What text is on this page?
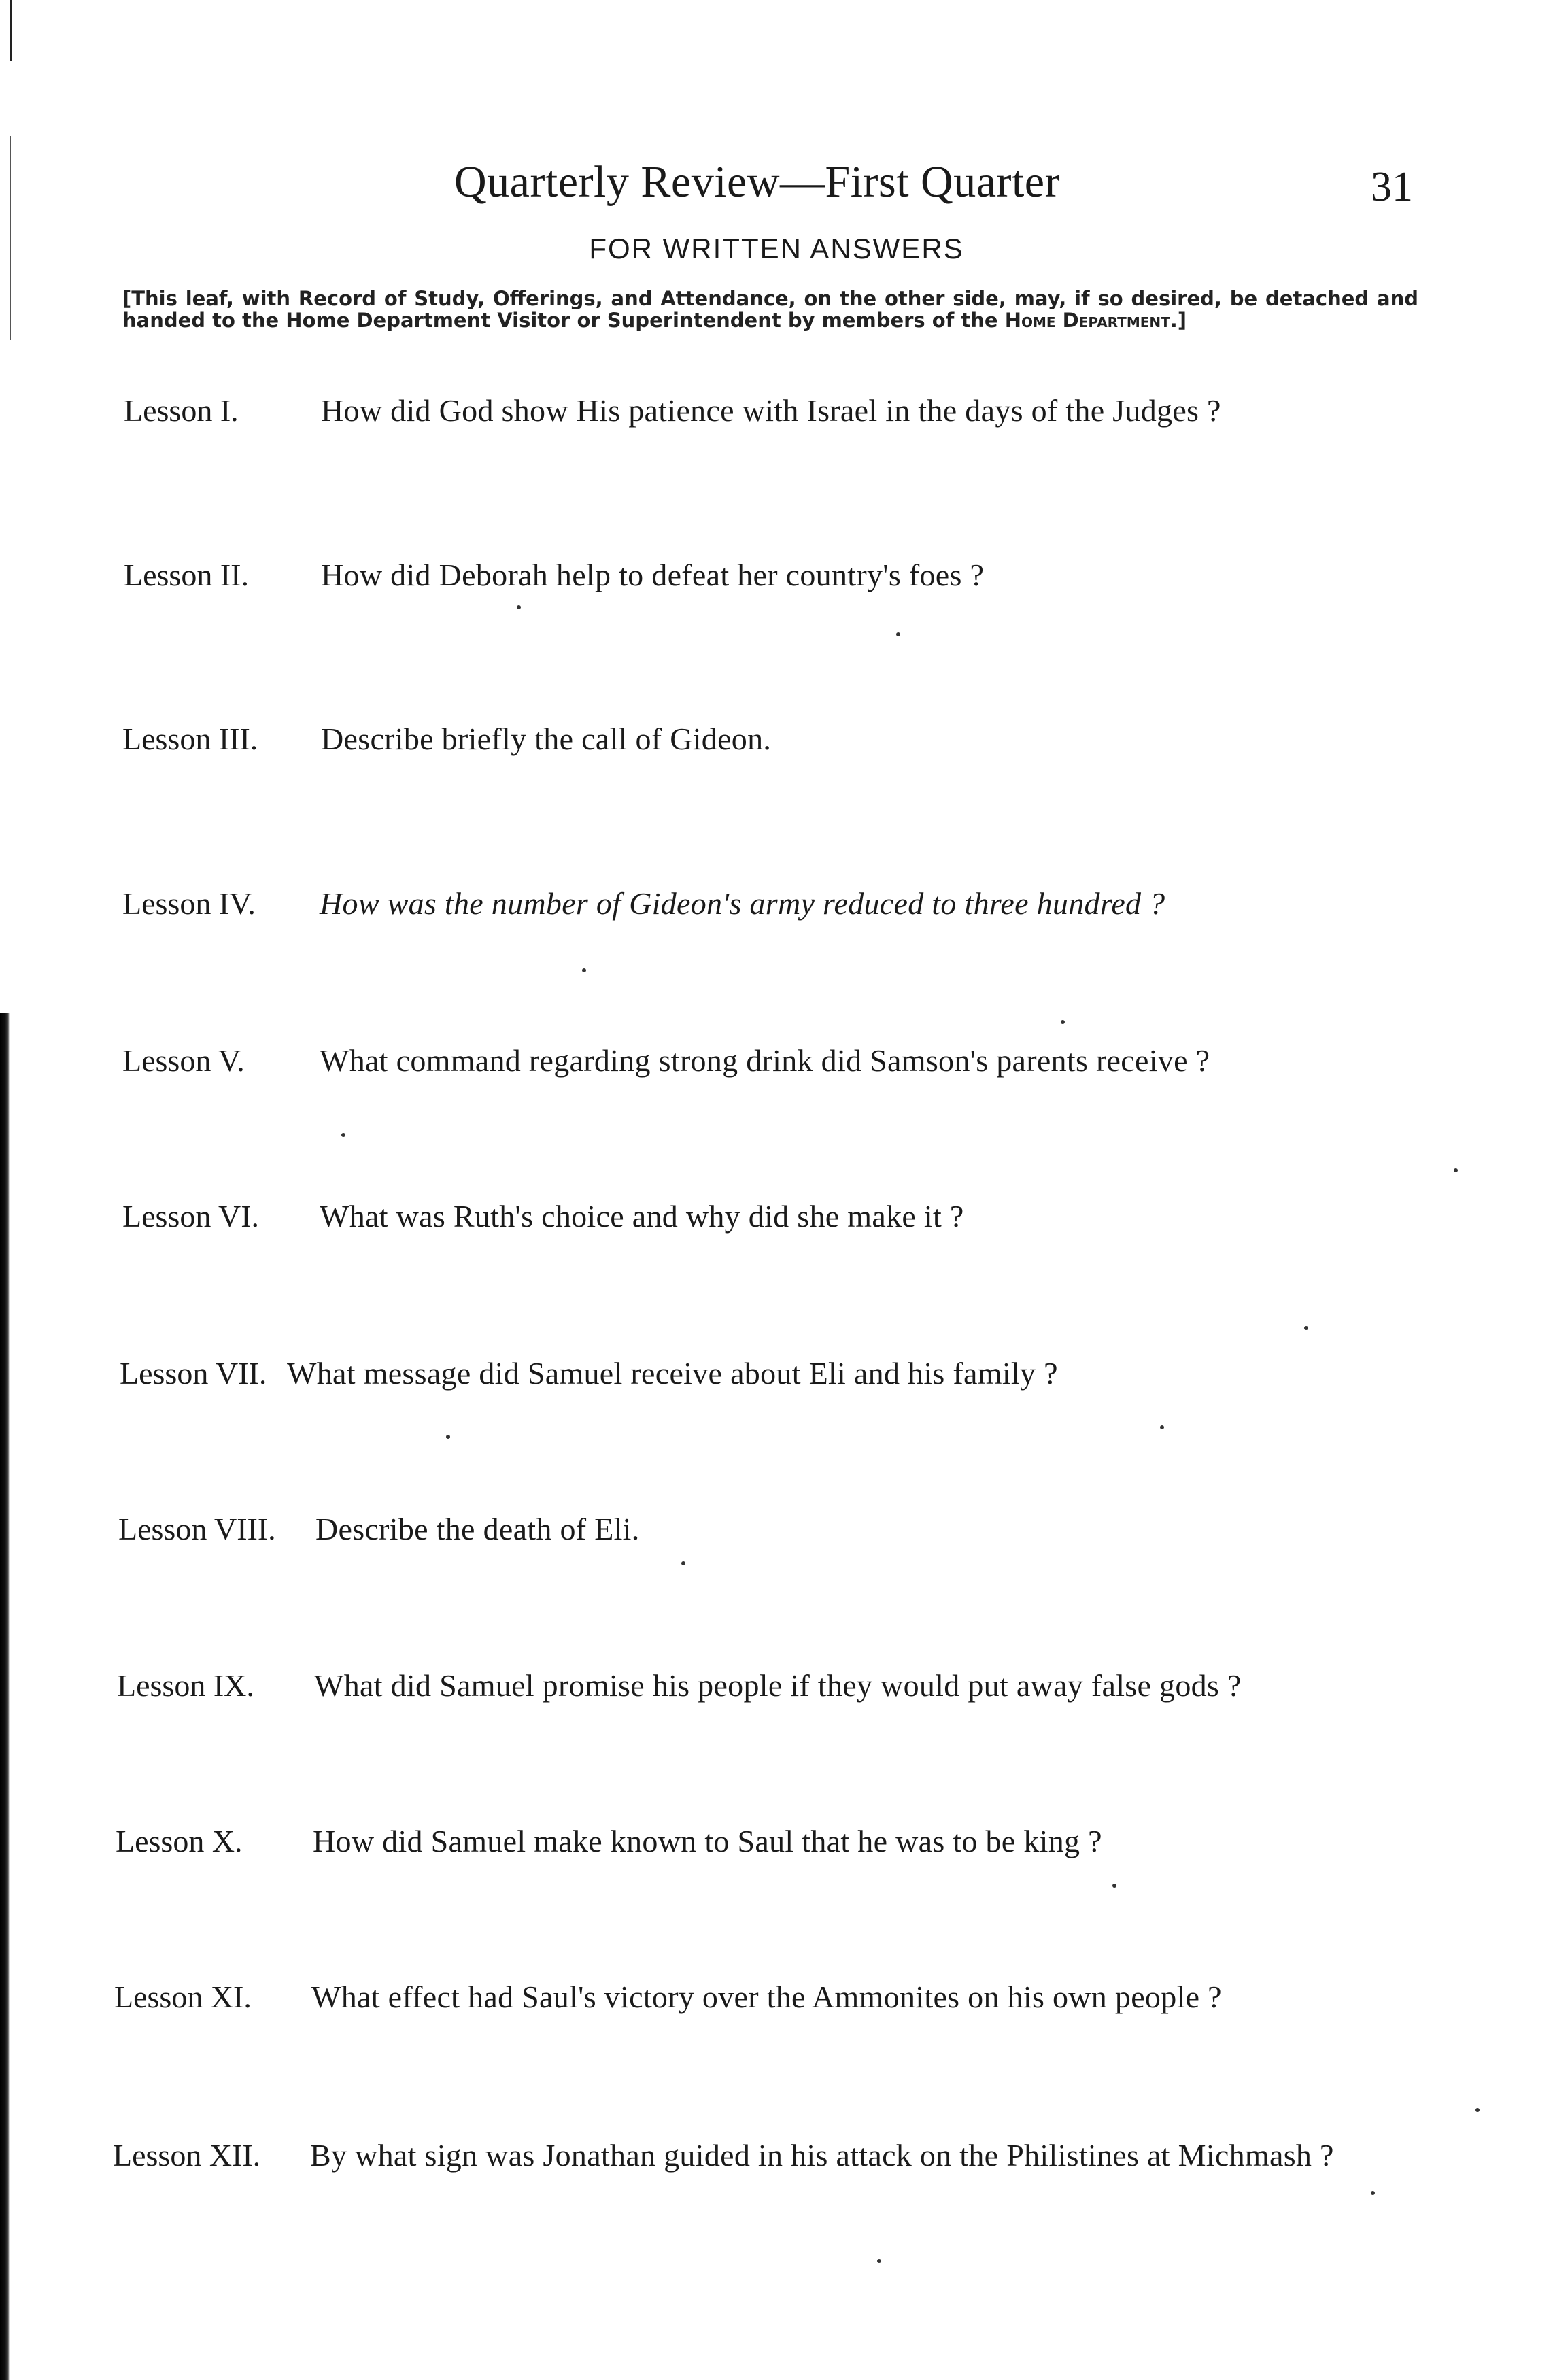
Quarterly Review—First Quarter	31
FOR WRITTEN ANSWERS
[This leaf, with Record of Study, Offerings, and Attendance, on the other side, may, if so desired, be detached and handed to the Home Department Visitor or Superintendent by members of the Home Department.]
Lesson I.	How did God show His patience with Israel in the days of the Judges ?
Lesson II. How did Deborah help to defeat her country's foes ?
Lesson III. Describe briefly the call of Gideon.
Lesson IV. How was the number of Gideon's army reduced to three hundred ?
Lesson V. What command regarding strong drink did Samson's parents receive ?
Lesson VI. What was Ruth's choice and why did she make it ?
Lesson VII. What message did Samuel receive about Eli and his family ?
Lesson VIII. Describe the death of Eli.
Lesson IX. What did Samuel promise his people if they would put away false gods ?
Lesson X. How did Samuel make known to Saul that he was to be king ?
Lesson XI. What effect had Saul's victory over the Ammonites on his own people ?
Lesson XII. By what sign was Jonathan guided in his attack on the Philistines at Michmash ?
